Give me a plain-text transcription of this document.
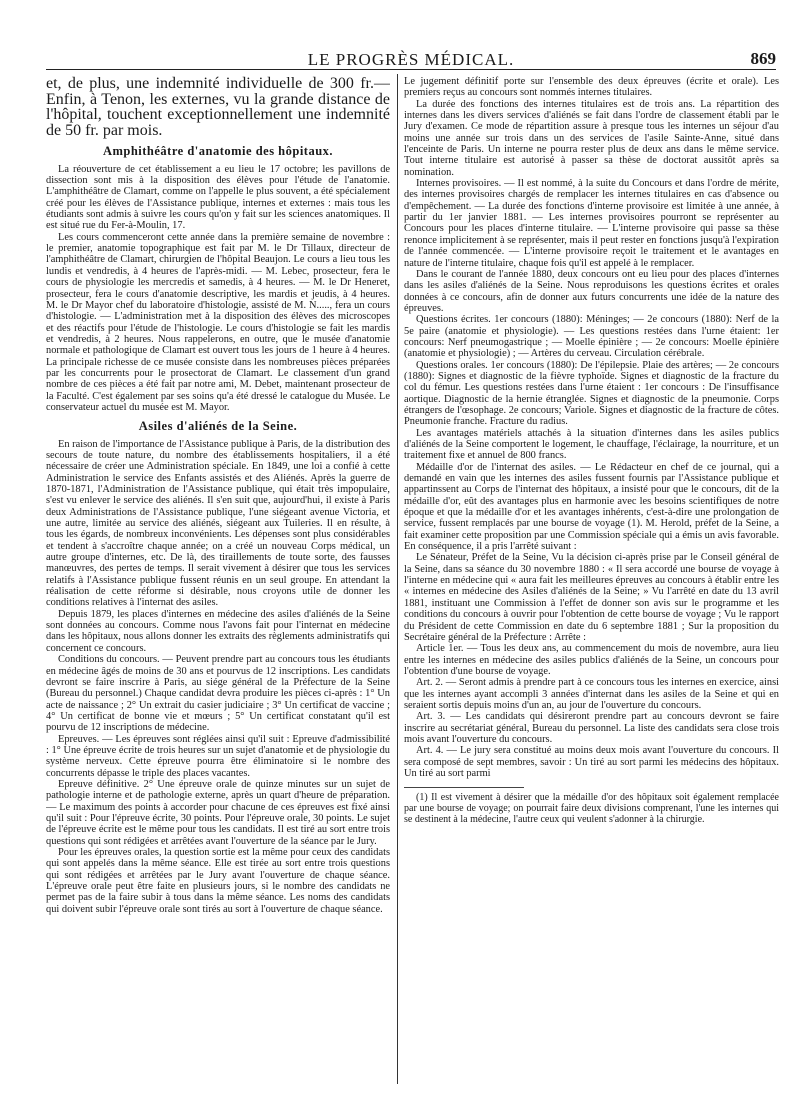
LE PROGRÈS MÉDICAL.	869

et, de plus, une indemnité individuelle de 300 fr.—Enfin, à Tenon, les externes, vu la grande distance de l'hôpital, touchent exceptionnellement une indemnité de 50 fr. par mois.

Amphithéâtre d'anatomie des hôpitaux.

La réouverture de cet établissement a eu lieu le 17 octobre; les pavillons de dissection sont mis à la disposition des élèves pour l'étude de l'anatomie. L'amphithéâtre de Clamart, comme on l'appelle le plus souvent, a été spécialement créé pour les élèves de l'Assistance publique, internes et externes : mais tous les étudiants sont admis à suivre les cours qu'on y fait sur les sciences anatomiques. Il est situé rue du Fer-à-Moulin, 17.

Les cours commenceront cette année dans la première semaine de novembre : le premier, anatomie topographique est fait par M. le Dr Tillaux, directeur de l'amphithéâtre de Clamart, chirurgien de l'hôpital Beaujon. Le cours a lieu tous les lundis et vendredis, à 4 heures de l'après-midi. — M. Lebec, prosecteur, fera le cours de physiologie les mercredis et samedis, à 4 heures. — M. le Dr Heneret, prosecteur, fera le cours d'anatomie descriptive, les mardis et jeudis, à 4 heures. M. le Dr Mayor chef du laboratoire d'histologie, assisté de M. N....., fera un cours d'histologie. — L'administration met à la disposition des élèves des microscopes et des réactifs pour l'étude de l'histologie. Le cours d'histologie se fait les mardis et vendredis, à 2 heures. Nous rappelerons, en outre, que le musée d'anatomie normale et pathologique de Clamart est ouvert tous les jours de 1 heure à 4 heures. La principale richesse de ce musée consiste dans les nombreuses pièces préparées par les concurrents pour le prosectorat de Clamart. Le classement d'un grand nombre de ces pièces a été fait par notre ami, M. Debet, maintenant prosecteur de la Faculté. C'est également par ses soins qu'a été dressé le catalogue du Musée. Le conservateur actuel du musée est M. Mayor.

Asiles d'aliénés de la Seine.

En raison de l'importance de l'Assistance publique à Paris, de la distribution des secours de toute nature, du nombre des établissements hospitaliers, il a été nécessaire de créer une Administration spéciale. En 1849, une loi a confié à cette Administration le service des Enfants assistés et des Aliénés. Après la guerre de 1870-1871, l'Administration de l'Assistance publique, qui était très impopulaire, s'est vu enlever le service des aliénés. Il s'en suit que, aujourd'hui, il existe à Paris deux Administrations de l'Assistance publique, l'une siégeant avenue Victoria, et une autre, limitée au service des aliénés, siégeant aux Tuileries. Il en résulte, à tous les égards, de nombreux inconvénients. Les dépenses sont plus considérables et tendent à s'accroître chaque année; on a créé un nouveau Corps médical, un autre groupe d'internes, etc. De là, des tiraillements de toute sorte, des fausses manœuvres, des pertes de temps. Il serait vivement à désirer que tous les services relatifs à l'Assistance publique fussent réunis en un seul groupe. En attendant la réalisation de cette réforme si désirable, nous croyons utile de donner les conditions relatives à l'internat des asiles.

Depuis 1879, les places d'internes en médecine des asiles d'aliénés de la Seine sont données au concours. Comme nous l'avons fait pour l'internat en médecine dans les hôpitaux, nous allons donner les extraits des règlements administratifs qui concernent ce concours.

Conditions du concours. — Peuvent prendre part au concours tous les étudiants en médecine âgés de moins de 30 ans et pourvus de 12 inscriptions. Les candidats devront se faire inscrire à Paris, au siége général de la Préfecture de la Seine (Bureau du personnel.) Chaque candidat devra produire les pièces ci-après : 1° Un acte de naissance ; 2° Un extrait du casier judiciaire ; 3° Un certificat de vaccine ; 4° Un certificat de bonne vie et mœurs ; 5° Un certificat constatant qu'il est pourvu de 12 inscriptions de médecine.

Epreuves. — Les épreuves sont réglées ainsi qu'il suit : Epreuve d'admissibilité : 1° Une épreuve écrite de trois heures sur un sujet d'anatomie et de physiologie du système nerveux. Cette épreuve pourra être éliminatoire si le nombre des concurrents dépasse le triple des places vacantes.

Epreuve définitive. 2° Une épreuve orale de quinze minutes sur un sujet de pathologie interne et de pathologie externe, après un quart d'heure de préparation. — Le maximum des points à accorder pour chacune de ces épreuves est fixé ainsi qu'il suit : Pour l'épreuve écrite, 30 points. Pour l'épreuve orale, 30 points. Le sujet de l'épreuve écrite est le même pour tous les candidats. Il est tiré au sort entre trois questions qui sont rédigées et arrêtées avant l'ouverture de la séance par le Jury.

Pour les épreuves orales, la question sortie est la même pour ceux des candidats qui sont appelés dans la même séance. Elle est tirée au sort entre trois questions qui sont rédigées et arrêtées par le Jury avant l'ouverture de chaque séance. L'épreuve orale peut être faite en plusieurs jours, si le nombre des candidats ne permet pas de la faire subir à tous dans la même séance. Les noms des candidats qui doivent subir l'épreuve orale sont tirés au sort à l'ouverture de chaque séance.

Le jugement définitif porte sur l'ensemble des deux épreuves (écrite et orale). Les premiers reçus au concours sont nommés internes titulaires.

La durée des fonctions des internes titulaires est de trois ans. La répartition des internes dans les divers services d'aliénés se fait dans l'ordre de classement établi par le Jury d'examen. Ce mode de répartition assure à presque tous les internes un séjour d'au moins une année sur trois dans un des services de l'asile Sainte-Anne, situé dans l'enceinte de Paris. Un interne ne pourra rester plus de deux ans dans le même service. Tout interne titulaire est autorisé à passer sa thèse de doctorat aussitôt après sa nomination.

Internes provisoires. — Il est nommé, à la suite du Concours et dans l'ordre de mérite, des internes provisoires chargés de remplacer les internes titulaires en cas d'absence ou d'empêchement. — La durée des fonctions d'interne provisoire est limitée à une année, à partir du 1er janvier 1881. — Les internes provisoires pourront se représenter au Concours pour les places d'interne titulaire. — L'interne provisoire qui passe sa thèse renonce implicitement à se représenter, mais il peut rester en fonctions jusqu'à l'expiration de l'année commencée. — L'interne provisoire reçoit le traitement et le avantages en nature de l'interne titulaire, chaque fois qu'il est appelé à le remplacer.

Dans le courant de l'année 1880, deux concours ont eu lieu pour des places d'internes dans les asiles d'aliénés de la Seine. Nous reproduisons les questions écrites et orales données à ce concours, afin de donner aux futurs concurrents une idée de la nature des épreuves.

Questions écrites. 1er concours (1880): Méninges; — 2e concours (1880): Nerf de la 5e paire (anatomie et physiologie). — Les questions restées dans l'urne étaient: 1er concours: Nerf pneumogastrique ; — Moelle épinière ; — 2e concours: Moelle épinière (anatomie et physiologie) ; — Artères du cerveau. Circulation cérébrale.

Questions orales. 1er concours (1880): De l'épilepsie. Plaie des artères; — 2e concours (1880): Signes et diagnostic de la fièvre typhoïde. Signes et diagnostic de la fracture du col du fémur. Les questions restées dans l'urne étaient : 1er concours : De l'insuffisance aortique. Diagnostic de la hernie étranglée. Signes et diagnostic de la pneumonie. Corps étrangers de l'œsophage. 2e concours; Variole. Signes et diagnostic de la fracture de côtes. Pneumonie franche. Fracture du radius.

Les avantages matériels attachés à la situation d'internes dans les asiles publics d'aliénés de la Seine comportent le logement, le chauffage, l'éclairage, la nourriture, et un traitement fixe et annuel de 800 francs.

Médaille d'or de l'internat des asiles. — Le Rédacteur en chef de ce journal, qui a demandé en vain que les internes des asiles fussent fournis par l'Assistance publique et appartinssent au Corps de l'internat des hôpitaux, a insisté pour que le concours, dit de la médaille d'or, eût des avantages plus en harmonie avec les besoins scientifiques de notre époque et que la médaille d'or et les avantages inhérents, c'est-à-dire une prolongation de service, fussent remplacés par une bourse de voyage (1). M. Herold, préfet de la Seine, a fait examiner cette proposition par une Commission spéciale qui a émis un avis favorable. En conséquence, il a pris l'arrêté suivant :

Le Sénateur, Préfet de la Seine, Vu la décision ci-après prise par le Conseil général de la Seine, dans sa séance du 30 novembre 1880 : « Il sera accordé une bourse de voyage à l'interne en médecine qui « aura fait les meilleures épreuves au concours à établir entre les « internes en médecine des Asiles d'aliénés de la Seine; » Vu l'arrêté en date du 13 avril 1881, instituant une Commission à l'effet de donner son avis sur le programme et les conditions du concours à ouvrir pour l'obtention de cette bourse de voyage ; Vu le rapport du Président de cette Commission en date du 6 septembre 1881 ; Sur la proposition du Secrétaire général de la Préfecture : Arrête :

Article 1er. — Tous les deux ans, au commencement du mois de novembre, aura lieu entre les internes en médecine des asiles publics d'aliénés de la Seine, un concours pour l'obtention d'une bourse de voyage.

Art. 2. — Seront admis à prendre part à ce concours tous les internes en exercice, ainsi que les internes ayant accompli 3 années d'internat dans les asiles de la Seine et qui en seraient sortis depuis moins d'un an, au jour de l'ouverture du concours.

Art. 3. — Les candidats qui désireront prendre part au concours devront se faire inscrire au secrétariat général, Bureau du personnel. La liste des candidats sera close trois mois avant l'ouverture du concours.

Art. 4. — Le jury sera constitué au moins deux mois avant l'ouverture du concours. Il sera composé de sept membres, savoir : Un tiré au sort parmi les médecins des hôpitaux. Un tiré au sort parmi

(1) Il est vivement à désirer que la médaille d'or des hôpitaux soit également remplacée par une bourse de voyage; on pourrait faire deux divisions comprenant, l'une les internes qui se destinent à la médecine, l'autre ceux qui veulent s'adonner à la chirurgie.
